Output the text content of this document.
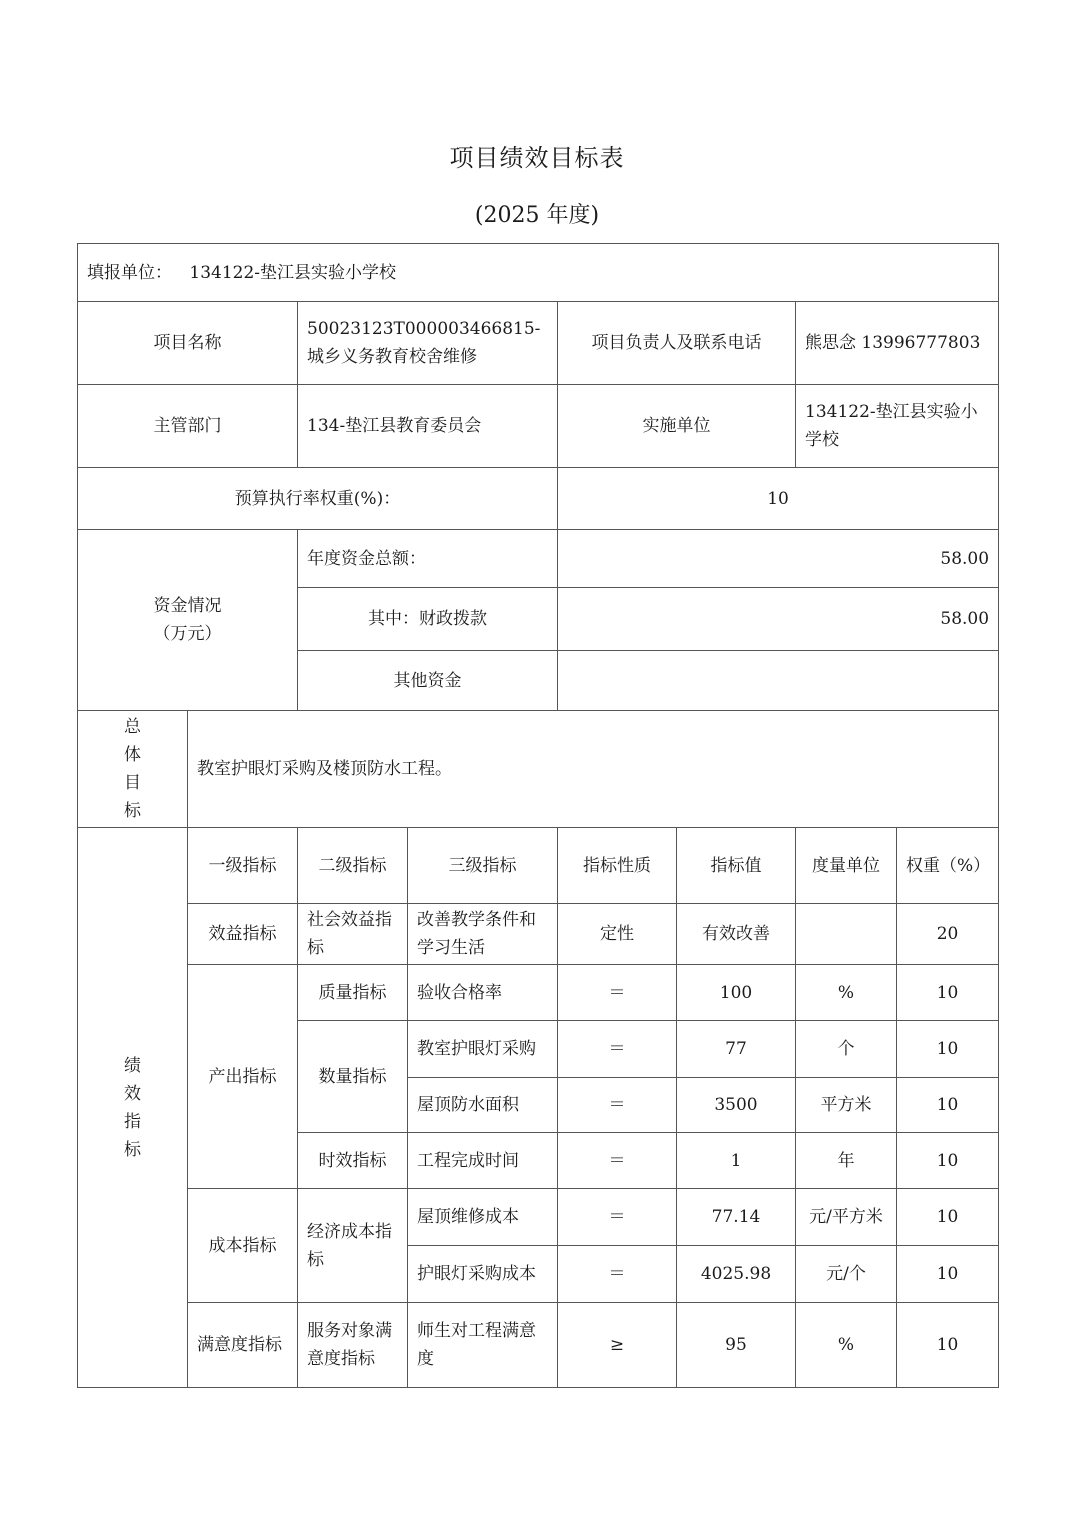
项目绩效目标表
(2025 年度)
填报单位： 134122-垫江县实验小学校							
项目名称		50023123T000003466815-城乡义务教育校舍维修		项目负责人及联系电话		熊思念 13996777803	
主管部门		134-垫江县教育委员会		实施单位		134122-垫江县实验小学校	
预算执行率权重(%)：				10			

资金情况
（万元）		年度资金总额：		58.00			
		其中：财政拨款		58.00			
		其他资金					

总
体
目
标	教室护眼灯采购及楼顶防水工程。						

绩
效
指
标	一级指标	二级指标	三级指标	指标性质	指标值	度量单位	权重（%）
	效益指标	社会效益指标	改善教学条件和学习生活	定性	有效改善		20
	产出指标	质量指标	验收合格率	＝	100	%	10
		数量指标	教室护眼灯采购	＝	77	个	10
			屋顶防水面积	＝	3500	平方米	10
		时效指标	工程完成时间	＝	1	年	10
	成本指标	经济成本指标	屋顶维修成本	＝	77.14	元/平方米	10
			护眼灯采购成本	＝	4025.98	元/个	10
	满意度指标	服务对象满意度指标	师生对工程满意度	≥	95	%	10
